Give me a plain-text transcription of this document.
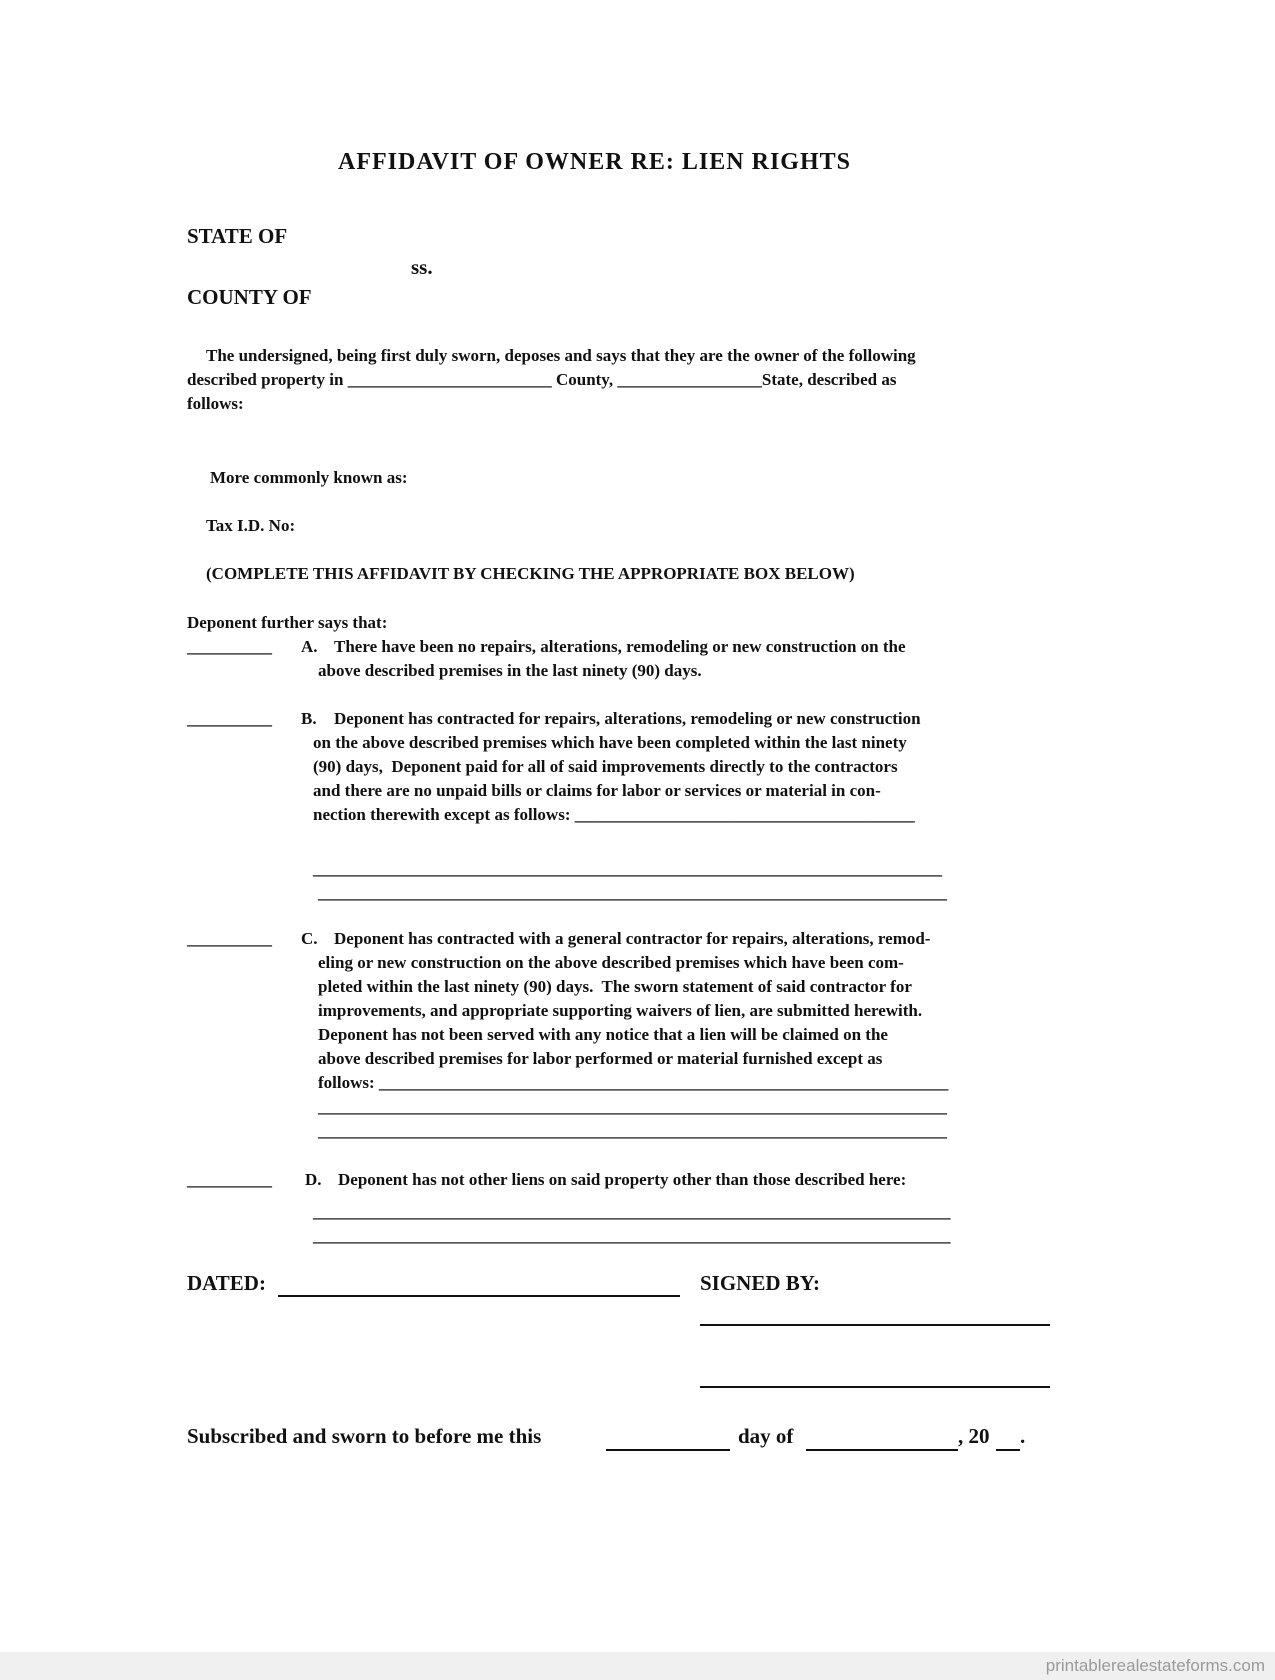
AFFIDAVIT OF OWNER RE: LIEN RIGHTS
STATE OF
ss.
COUNTY OF
The undersigned, being first duly sworn, deposes and says that they are the owner of the following
described property in ________________________ County, _________________State, described as
follows:
More commonly known as:
Tax I.D. No:
(COMPLETE THIS AFFIDAVIT BY CHECKING THE APPROPRIATE BOX BELOW)
Deponent further says that:
__________ A. There have been no repairs, alterations, remodeling or new construction on the
above described premises in the last ninety (90) days.
__________ B. Deponent has contracted for repairs, alterations, remodeling or new construction
on the above described premises which have been completed within the last ninety
(90) days,  Deponent paid for all of said improvements directly to the contractors
and there are no unpaid bills or claims for labor or services or material in con-
nection therewith except as follows: ________________________________________
__________________________________________________________________________
__________________________________________________________________________
__________ C. Deponent has contracted with a general contractor for repairs, alterations, remod-
eling or new construction on the above described premises which have been com-
pleted within the last ninety (90) days.  The sworn statement of said contractor for
improvements, and appropriate supporting waivers of lien, are submitted herewith.
Deponent has not been served with any notice that a lien will be claimed on the
above described premises for labor performed or material furnished except as
follows: ___________________________________________________________________
__________________________________________________________________________
__________________________________________________________________________
__________ D. Deponent has not other liens on said property other than those described here:
___________________________________________________________________________
___________________________________________________________________________
DATED:	SIGNED BY:
Subscribed and sworn to before me this	day of	, 20 .
printablerealestateforms.com
